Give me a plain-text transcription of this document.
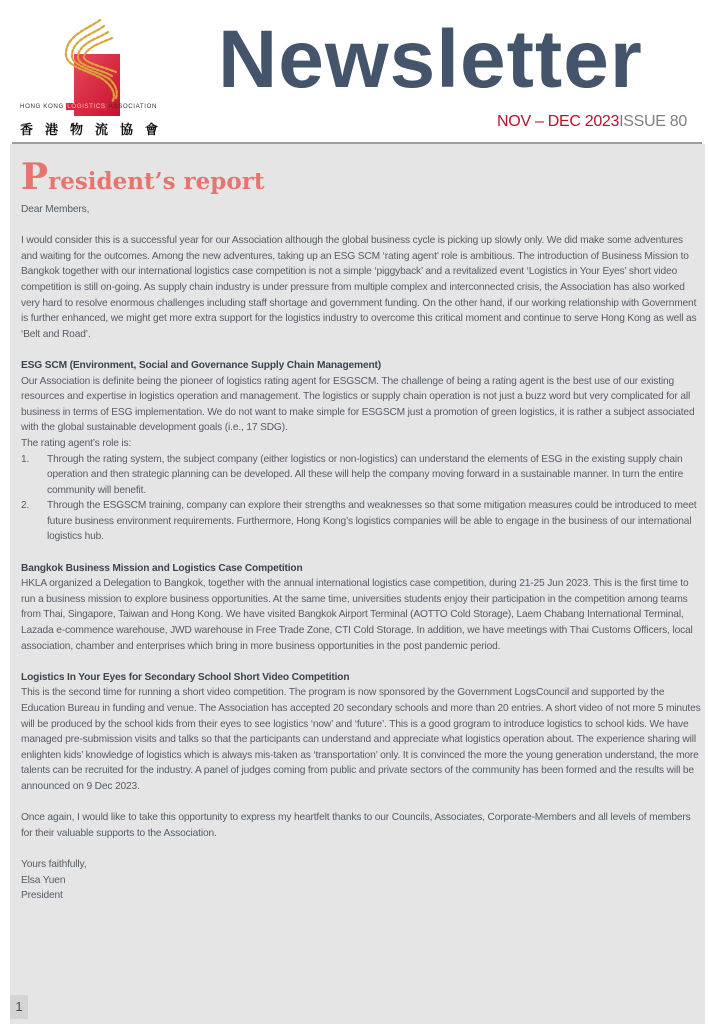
HONG KONG LOGISTICS ASSOCIATION
香港物流協會
Newsletter
NOV – DEC 2023ISSUE 80
President’s report

Dear Members,

I would consider this is a successful year for our Association although the global business cycle is picking up slowly only. We did make some adventures and waiting for the outcomes. Among the new adventures, taking up an ESG SCM ‘rating agent’ role is ambitious. The introduction of Business Mission to Bangkok together with our international logistics case competition is not a simple ‘piggyback’ and a revitalized event ‘Logistics in Your Eyes’ short video competition is still on-going. As supply chain industry is under pressure from multiple complex and interconnected crisis, the Association has also worked very hard to resolve enormous challenges including staff shortage and government funding. On the other hand, if our working relationship with Government is further enhanced, we might get more extra support for the logistics industry to overcome this critical moment and continue to serve Hong Kong as well as ‘Belt and Road’.

ESG SCM (Environment, Social and Governance Supply Chain Management)

Our Association is definite being the pioneer of logistics rating agent for ESGSCM. The challenge of being a rating agent is the best use of our existing resources and expertise in logistics operation and management. The logistics or supply chain operation is not just a buzz word but very complicated for all business in terms of ESG implementation. We do not want to make simple for ESGSCM just a promotion of green logistics, it is rather a subject associated with the global sustainable development goals (i.e., 17 SDG).

The rating agent’s role is:

1. Through the rating system, the subject company (either logistics or non-logistics) can understand the elements of ESG in the existing supply chain operation and then strategic planning can be developed. All these will help the company moving forward in a sustainable manner. In turn the entire community will benefit.
2. Through the ESGSCM training, company can explore their strengths and weaknesses so that some mitigation measures could be introduced to meet future business environment requirements. Furthermore, Hong Kong’s logistics companies will be able to engage in the business of our international logistics hub.

Bangkok Business Mission and Logistics Case Competition

HKLA organized a Delegation to Bangkok, together with the annual international logistics case competition, during 21-25 Jun 2023. This is the first time to run a business mission to explore business opportunities. At the same time, universities students enjoy their participation in the competition among teams from Thai, Singapore, Taiwan and Hong Kong. We have visited Bangkok Airport Terminal (AOTTO Cold Storage), Laem Chabang International Terminal, Lazada e-commence warehouse, JWD warehouse in Free Trade Zone, CTI Cold Storage. In addition, we have meetings with Thai Customs Officers, local association, chamber and enterprises which bring in more business opportunities in the post pandemic period.

Logistics In Your Eyes for Secondary School Short Video Competition

This is the second time for running a short video competition. The program is now sponsored by the Government LogsCouncil and supported by the Education Bureau in funding and venue. The Association has accepted 20 secondary schools and more than 20 entries. A short video of not more 5 minutes will be produced by the school kids from their eyes to see logistics ‘now’ and ‘future’. This is a good grogram to introduce logistics to school kids. We have managed pre-submission visits and talks so that the participants can understand and appreciate what logistics operation about. The experience sharing will enlighten kids’ knowledge of logistics which is always mis-taken as ‘transportation’ only. It is convinced the more the young generation understand, the more talents can be recruited for the industry. A panel of judges coming from public and private sectors of the community has been formed and the results will be announced on 9 Dec 2023.

Once again, I would like to take this opportunity to express my heartfelt thanks to our Councils, Associates, Corporate-Members and all levels of members for their valuable supports to the Association.

Yours faithfully,

Elsa Yuen

President

1
